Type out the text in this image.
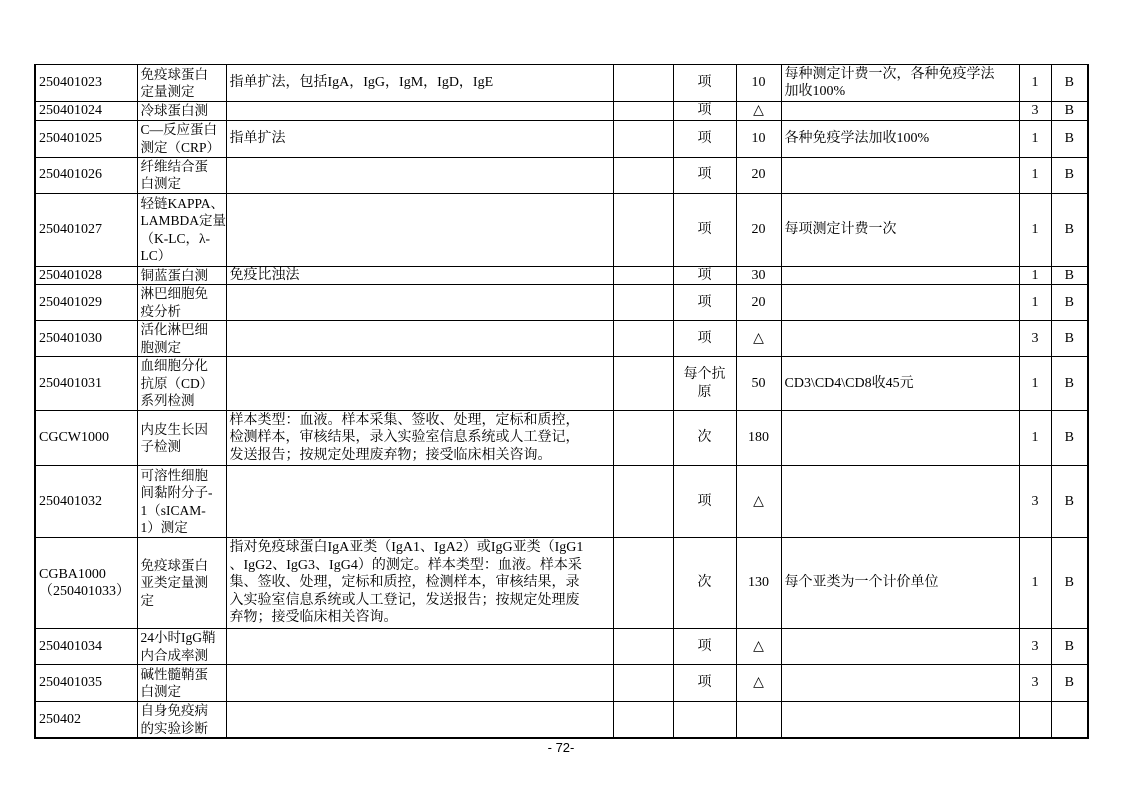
250401023	免疫球蛋白
定量测定	指单扩法，包括IgA，IgG，IgM，IgD，IgE		项	10	每种测定计费一次，各种免疫学法
加收100%	1	B
250401024	冷球蛋白测			项	△		3	B
250401025	C—反应蛋白
测定（CRP）	指单扩法		项	10	各种免疫学法加收100%	1	B
250401026	纤维结合蛋
白测定			项	20		1	B
250401027	轻链KAPPA、
LAMBDA定量
（K-LC，λ-
LC）			项	20	每项测定计费一次	1	B
250401028	铜蓝蛋白测	免疫比浊法		项	30		1	B
250401029	淋巴细胞免
疫分析			项	20		1	B
250401030	活化淋巴细
胞测定			项	△		3	B
250401031	血细胞分化
抗原（CD）
系列检测			每个抗
原	50	CD3\CD4\CD8收45元	1	B
CGCW1000	内皮生长因
子检测	样本类型：血液。样本采集、签收、处理，定标和质控，
检测样本，审核结果，录入实验室信息系统或人工登记，
发送报告；按规定处理废弃物；接受临床相关咨询。		次	180		1	B
250401032	可溶性细胞
间黏附分子-
1（sICAM-
1）测定			项	△		3	B

CGBA1000
（250401033）	免疫球蛋白
亚类定量测
定	指对免疫球蛋白IgA亚类（IgA1、IgA2）或IgG亚类（IgG1
、IgG2、IgG3、IgG4）的测定。样本类型：血液。样本采
集、签收、处理，定标和质控，检测样本，审核结果，录
入实验室信息系统或人工登记，发送报告；按规定处理废
弃物；接受临床相关咨询。		次	130	每个亚类为一个计价单位	1	B
250401034	24小时IgG鞘
内合成率测			项	△		3	B
250401035	碱性髓鞘蛋
白测定			项	△		3	B
250402	自身免疫病
的实验诊断							

- 72-
